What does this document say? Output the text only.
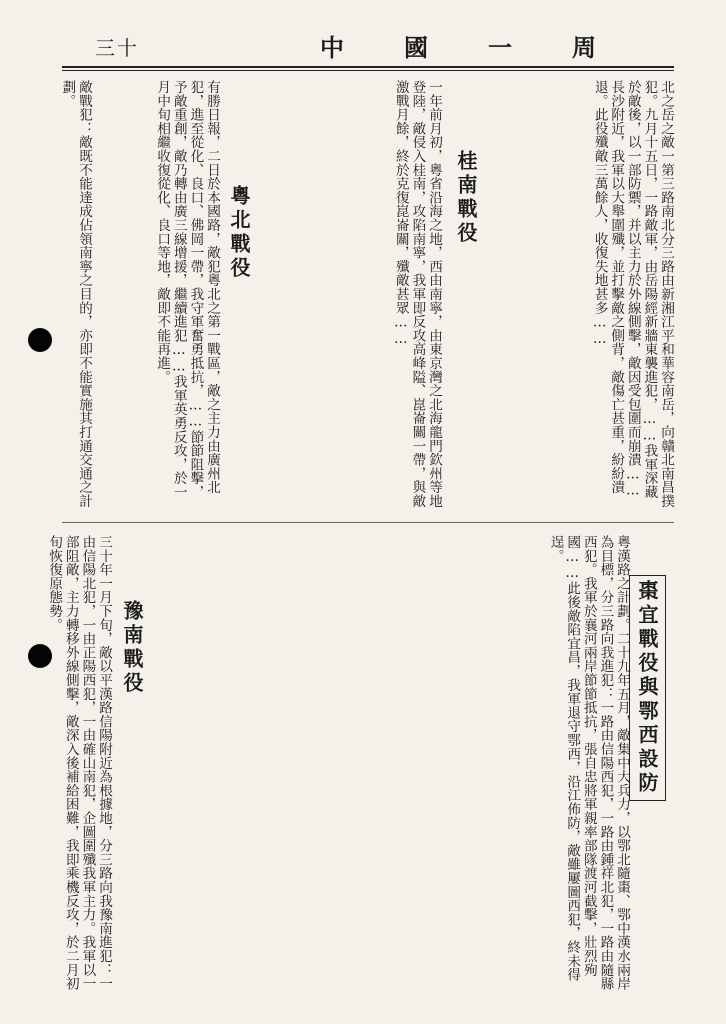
三十	中國一周
北之岳之敵一第三路南北分三路由新湘江平和華容南岳，向贛北南昌撲犯。九月十五日，一路敵軍，由岳陽經新牆東襲進犯，……我軍深藏於敵後，以一部防禦，并以主力於外線側擊，敵因受包圍而崩潰……長沙附近，我軍以大舉圍殲，並打擊敵之側背，敵傷亡甚重，紛紛潰退。此役殲敵三萬餘人，收復失地甚多……
桂南戰役
一年前月初，粵省沿海之地，西由南寧，由東京灣之北海龍門欽州等地登陸，敵侵入桂南，攻陷南寧，我軍即反攻高峰隘、崑崙關一帶，與敵激戰月餘，終於克復崑崙關，殲敵甚眾……
粵北戰役
有勝日報，二日於本國路，敵犯粵北之第一戰區，敵之主力由廣州北犯，進至從化、良口、佛岡一帶，我守軍奮勇抵抗，……節節阻擊，予敵重創，敵乃轉由廣三線增援，繼續進犯……我軍英勇反攻，於一月中旬相繼收復從化、良口等地，敵即不能再進。
敵戰犯：敵既不能達成佔領南寧之目的，亦即不能實施其打通交通之計劃。
棗宜戰役與鄂西設防
粵漢路之計劃。二十九年五月，敵集中大兵力，以鄂北隨棗、鄂中漢水兩岸為目標，分三路向我進犯：一路由信陽西犯，一路由鍾祥北犯，一路由隨縣西犯。我軍於襄河兩岸節節抵抗，張自忠將軍親率部隊渡河截擊，壯烈殉國……此後敵陷宜昌，我軍退守鄂西，沿江佈防，敵雖屢圖西犯，終未得逞。
豫南戰役
三十年一月下旬，敵以平漢路信陽附近為根據地，分三路向我豫南進犯：一由信陽北犯，一由正陽西犯，一由確山南犯，企圖圍殲我軍主力。我軍以一部阻敵，主力轉移外線側擊，敵深入後補給困難，我即乘機反攻，於二月初旬恢復原態勢。
